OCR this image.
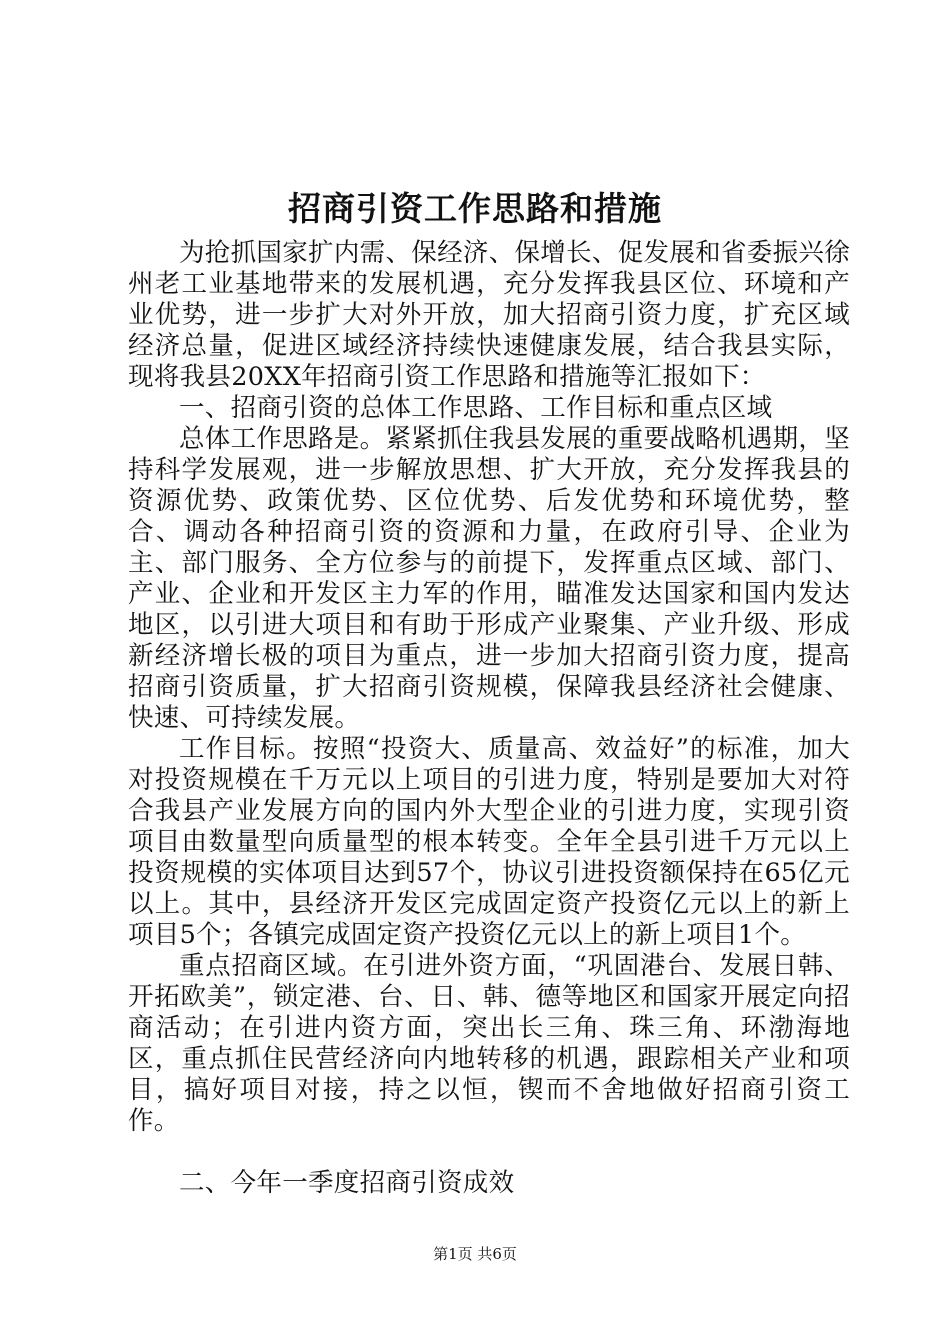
招商引资工作思路和措施

为抢抓国家扩内需、保经济、保增长、促发展和省委振兴徐州老工业基地带来的发展机遇，充分发挥我县区位、环境和产业优势，进一步扩大对外开放，加大招商引资力度，扩充区域经济总量，促进区域经济持续快速健康发展，结合我县实际，现将我县20XX年招商引资工作思路和措施等汇报如下：

一、招商引资的总体工作思路、工作目标和重点区域

总体工作思路是。紧紧抓住我县发展的重要战略机遇期，坚持科学发展观，进一步解放思想、扩大开放，充分发挥我县的资源优势、政策优势、区位优势、后发优势和环境优势，整合、调动各种招商引资的资源和力量，在政府引导、企业为主、部门服务、全方位参与的前提下，发挥重点区域、部门、产业、企业和开发区主力军的作用，瞄准发达国家和国内发达地区，以引进大项目和有助于形成产业聚集、产业升级、形成新经济增长极的项目为重点，进一步加大招商引资力度，提高招商引资质量，扩大招商引资规模，保障我县经济社会健康、快速、可持续发展。

工作目标。按照“投资大、质量高、效益好”的标准，加大对投资规模在千万元以上项目的引进力度，特别是要加大对符合我县产业发展方向的国内外大型企业的引进力度，实现引资项目由数量型向质量型的根本转变。全年全县引进千万元以上投资规模的实体项目达到57个，协议引进投资额保持在65亿元以上。其中，县经济开发区完成固定资产投资亿元以上的新上项目5个；各镇完成固定资产投资亿元以上的新上项目1个。

重点招商区域。在引进外资方面，“巩固港台、发展日韩、开拓欧美”，锁定港、台、日、韩、德等地区和国家开展定向招商活动；在引进内资方面，突出长三角、珠三角、环渤海地区，重点抓住民营经济向内地转移的机遇，跟踪相关产业和项目，搞好项目对接，持之以恒，锲而不舍地做好招商引资工作。

二、今年一季度招商引资成效

第1页 共6页
